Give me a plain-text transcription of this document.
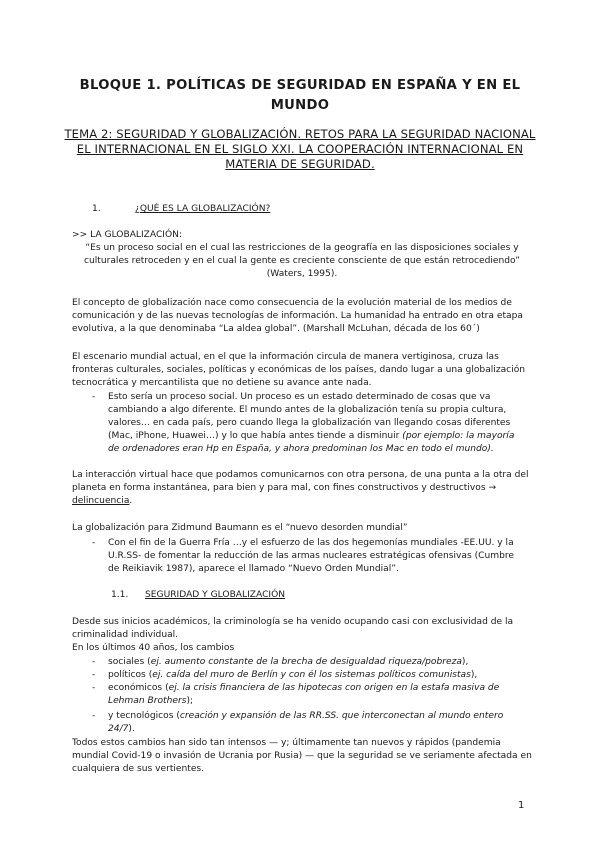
BLOQUE 1. POLÍTICAS DE SEGURIDAD EN ESPAÑA Y EN EL MUNDO
TEMA 2: SEGURIDAD Y GLOBALIZACIÓN. RETOS PARA LA SEGURIDAD NACIONAL EL INTERNACIONAL EN EL SIGLO XXI. LA COOPERACIÓN INTERNACIONAL EN MATERIA DE SEGURIDAD.
1.	¿QUÉ ES LA GLOBALIZACIÓN?

>> LA GLOBALIZACIÓN:

“Es un proceso social en el cual las restricciones de la geografía en las disposiciones sociales y culturales retroceden y en el cual la gente es creciente consciente de que están retrocediendo” (Waters, 1995).

El concepto de globalización nace como consecuencia de la evolución material de los medios de comunicación y de las nuevas tecnologías de información. La humanidad ha entrado en otra etapa evolutiva, a la que denominaba “La aldea global”. (Marshall McLuhan, década de los 60´)

El escenario mundial actual, en el que la información circula de manera vertiginosa, cruza las fronteras culturales, sociales, políticas y económicas de los países, dando lugar a una globalización tecnocrática y mercantilista que no detiene su avance ante nada.

- Esto sería un proceso social. Un proceso es un estado determinado de cosas que va cambiando a algo diferente. El mundo antes de la globalización tenía su propia cultura, valores… en cada país, pero cuando llega la globalización van llegando cosas diferentes (Mac, iPhone, Huawei…) y lo que había antes tiende a disminuir (por ejemplo: la mayoría de ordenadores eran Hp en España, y ahora predominan los Mac en todo el mundo).

La interacción virtual hace que podamos comunicarnos con otra persona, de una punta a la otra del planeta en forma instantánea, para bien y para mal, con fines constructivos y destructivos → delincuencia.

La globalización para Zidmund Baumann es el “nuevo desorden mundial”

- Con el fin de la Guerra Fría …y el esfuerzo de las dos hegemonías mundiales -EE.UU. y la U.R.SS- de fomentar la reducción de las armas nucleares estratégicas ofensivas (Cumbre de Reikiavik 1987), aparece el llamado “Nuevo Orden Mundial”.

1.1. SEGURIDAD Y GLOBALIZACIÓN

Desde sus inicios académicos, la criminología se ha venido ocupando casi con exclusividad de la criminalidad individual.

En los últimos 40 años, los cambios

- sociales (ej. aumento constante de la brecha de desigualdad riqueza/pobreza),

- políticos (ej. caída del muro de Berlín y con él los sistemas políticos comunistas),

- económicos (ej. la crisis financiera de las hipotecas con origen en la estafa masiva de Lehman Brothers);

- y tecnológicos (creación y expansión de las RR.SS. que interconectan al mundo entero 24/7).

Todos estos cambios han sido tan intensos — y; últimamente tan nuevos y rápidos (pandemia mundial Covid-19 o invasión de Ucrania por Rusia) — que la seguridad se ve seriamente afectada en cualquiera de sus vertientes.

1
